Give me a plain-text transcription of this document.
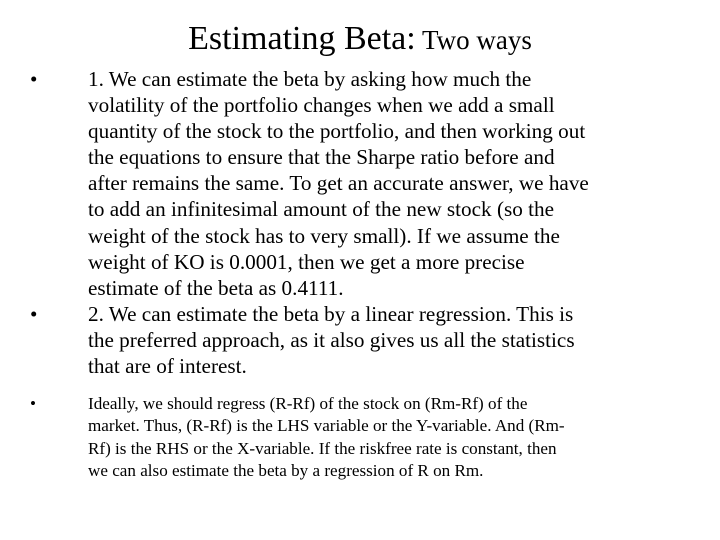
Estimating Beta: Two ways
•	1. We can estimate the beta by asking how much the
volatility of the portfolio changes when we add a small
quantity of the stock to the portfolio, and then working out
the equations to ensure that the Sharpe ratio before and
after remains the same. To get an accurate answer, we have
to add an infinitesimal amount of the new stock (so the
weight of the stock has to very small). If we assume the
weight of KO is 0.0001, then we get a more precise
estimate of the beta as 0.4111.
•	2. We can estimate the beta by a linear regression. This is
the preferred approach, as it also gives us all the statistics
that are of interest.
•	Ideally, we should regress (R-Rf) of the stock on (Rm-Rf) of the
market. Thus, (R-Rf) is the LHS variable or the Y-variable. And (Rm-
Rf) is the RHS or the X-variable. If the riskfree rate is constant, then
we can also estimate the beta by a regression of R on Rm.
